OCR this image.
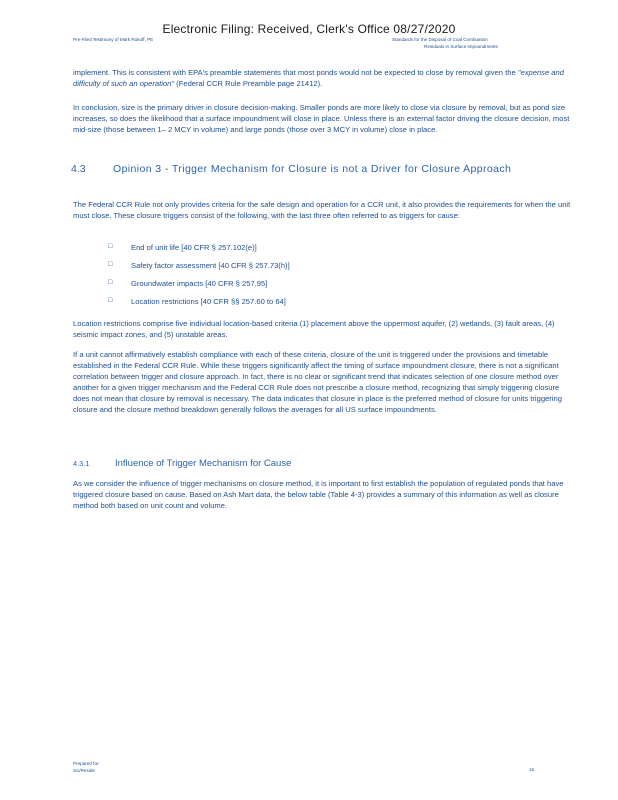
Electronic Filing: Received, Clerk's Office 08/27/2020
Pre-Filed Testimony of Mark Rokoff, PE	Standards for the Disposal of Coal Combustion
Residuals in Surface Impoundments
implement. This is consistent with EPA's preamble statements that most ponds would not be expected to close by removal given the "expense and difficulty of such an operation" (Federal CCR Rule Preamble page 21412).
In conclusion, size is the primary driver in closure decision-making. Smaller ponds are more likely to close via closure by removal, but as pond size increases, so does the likelihood that a surface impoundment will close in place. Unless there is an external factor driving the closure decision, most mid-size (those between 1– 2 MCY in volume) and large ponds (those over 3 MCY in volume) close in place.
4.3	Opinion 3 - Trigger Mechanism for Closure is not a Driver for Closure Approach
The Federal CCR Rule not only provides criteria for the safe design and operation for a CCR unit, it also provides the requirements for when the unit must close. These closure triggers consist of the following, with the last three often referred to as triggers for cause:
□ End of unit life [40 CFR § 257.102(e)]
□ Safety factor assessment [40 CFR § 257.73(h)]
□ Groundwater impacts [40 CFR § 257.95]
□ Location restrictions [40 CFR §§ 257.60 to 64]
Location restrictions comprise five individual location-based criteria (1) placement above the uppermost aquifer, (2) wetlands, (3) fault areas, (4) seismic impact zones, and (5) unstable areas.
If a unit cannot affirmatively establish compliance with each of these criteria, closure of the unit is triggered under the provisions and timetable established in the Federal CCR Rule. While these triggers significantly affect the timing of surface impoundment closure, there is not a significant correlation between trigger and closure approach. In fact, there is no clear or significant trend that indicates selection of one closure method over another for a given trigger mechanism and the Federal CCR Rule does not prescribe a closure method, recognizing that simply triggering closure does not mean that closure by removal is necessary. The data indicates that closure in place is the preferred method of closure for units triggering closure and the closure method breakdown generally follows the averages for all US surface impoundments.
4.3.1	Influence of Trigger Mechanism for Cause
As we consider the influence of trigger mechanisms on closure method, it is important to first establish the population of regulated ponds that have triggered closure based on cause. Based on Ash Mart data, the below table (Table 4-3) provides a summary of this information as well as closure method both based on unit count and volume.
Prepared for:
Sci/Reside	16
